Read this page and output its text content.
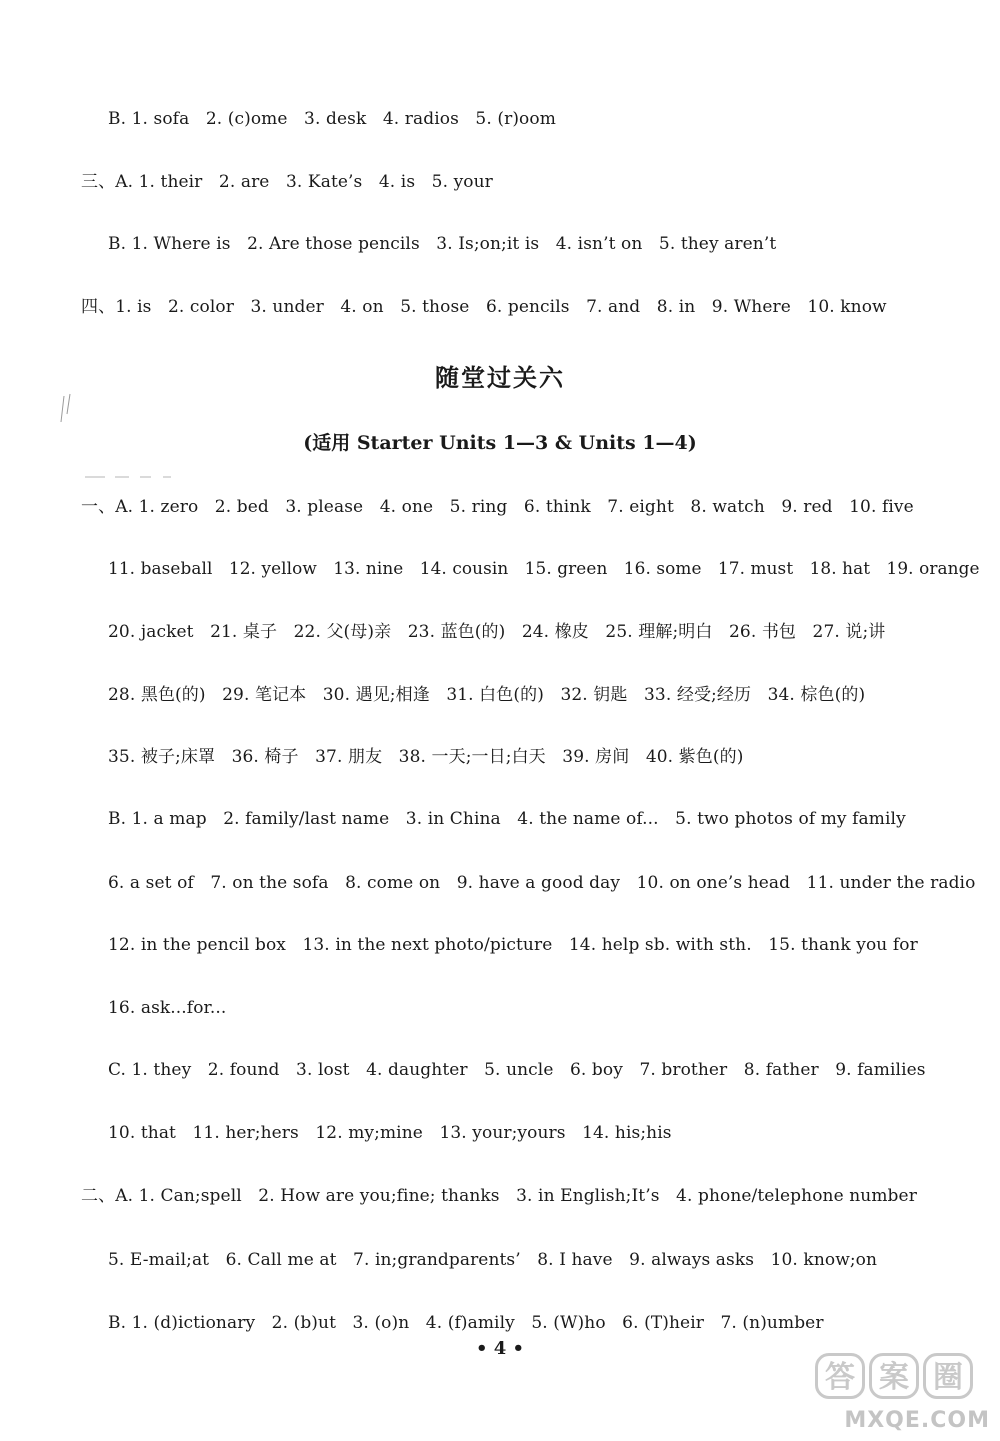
B. 1. sofa   2. (c)ome   3. desk   4. radios   5. (r)oom
三、A. 1. their   2. are   3. Kate’s   4. is   5. your
B. 1. Where is   2. Are those pencils   3. Is;on;it is   4. isn’t on   5. they aren’t
四、1. is   2. color   3. under   4. on   5. those   6. pencils   7. and   8. in   9. Where   10. know
随堂过关六
(适用 Starter Units 1—3 & Units 1—4)
一、A. 1. zero   2. bed   3. please   4. one   5. ring   6. think   7. eight   8. watch   9. red   10. five
11. baseball   12. yellow   13. nine   14. cousin   15. green   16. some   17. must   18. hat   19. orange
20. jacket   21. 桌子   22. 父(母)亲   23. 蓝色(的)   24. 橡皮   25. 理解;明白   26. 书包   27. 说;讲
28. 黑色(的)   29. 笔记本   30. 遇见;相逢   31. 白色(的)   32. 钥匙   33. 经受;经历   34. 棕色(的)
35. 被子;床罩   36. 椅子   37. 朋友   38. 一天;一日;白天   39. 房间   40. 紫色(的)
B. 1. a map   2. family/last name   3. in China   4. the name of...   5. two photos of my family
6. a set of   7. on the sofa   8. come on   9. have a good day   10. on one’s head   11. under the radio
12. in the pencil box   13. in the next photo/picture   14. help sb. with sth.   15. thank you for
16. ask...for...
C. 1. they   2. found   3. lost   4. daughter   5. uncle   6. boy   7. brother   8. father   9. families
10. that   11. her;hers   12. my;mine   13. your;yours   14. his;his
二、A. 1. Can;spell   2. How are you;fine; thanks   3. in English;It’s   4. phone/telephone number
5. E-mail;at   6. Call me at   7. in;grandparents’   8. I have   9. always asks   10. know;on
B. 1. (d)ictionary   2. (b)ut   3. (o)n   4. (f)amily   5. (W)ho   6. (T)heir   7. (n)umber
• 4 •
答 案 圈
MXQE.COM
